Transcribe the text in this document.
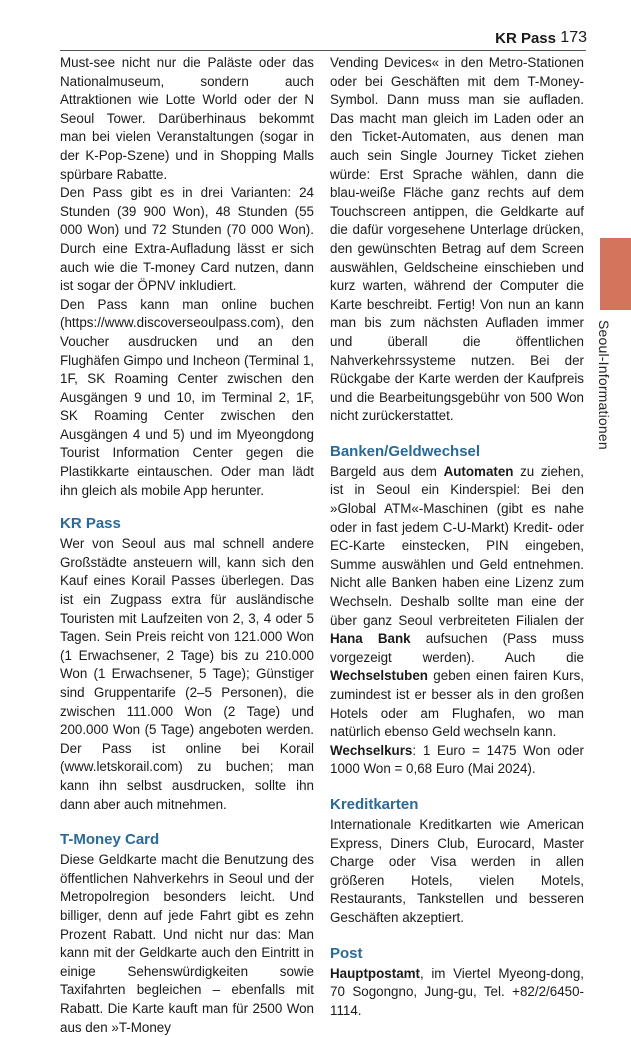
KR Pass 173
Seoul-Informationen

Must-see nicht nur die Paläste oder das Nationalmuseum, sondern auch Attraktionen wie Lotte World oder der N Seoul Tower. Darüberhinaus bekommt man bei vielen Veranstaltungen (sogar in der K-Pop-Szene) und in Shopping Malls spürbare Rabatte.

Den Pass gibt es in drei Varianten: 24 Stunden (39 900 Won), 48 Stunden (55 000 Won) und 72 Stunden (70 000 Won). Durch eine Extra-Aufladung lässt er sich auch wie die T-money Card nutzen, dann ist sogar der ÖPNV inkludiert.

Den Pass kann man online buchen (https://www.discoverseoulpass.com), den Voucher ausdrucken und an den Flughäfen Gimpo und Incheon (Terminal 1, 1F, SK Roaming Center zwischen den Ausgängen 9 und 10, im Terminal 2, 1F, SK Roaming Center zwischen den Ausgängen 4 und 5) und im Myeongdong Tourist Information Center gegen die Plastikkarte eintauschen. Oder man lädt ihn gleich als mobile App herunter.

KR Pass

Wer von Seoul aus mal schnell andere Großstädte ansteuern will, kann sich den Kauf eines Korail Passes überlegen. Das ist ein Zugpass extra für ausländische Touristen mit Laufzeiten von 2, 3, 4 oder 5 Tagen. Sein Preis reicht von 121.000 Won (1 Erwachsener, 2 Tage) bis zu 210.000 Won (1 Erwachsener, 5 Tage); Günstiger sind Gruppentarife (2–5 Personen), die zwischen 111.000 Won (2 Tage) und 200.000 Won (5 Tage) angeboten werden. Der Pass ist online bei Korail (www.letskorail.com) zu buchen; man kann ihn selbst ausdrucken, sollte ihn dann aber auch mitnehmen.

T-Money Card

Diese Geldkarte macht die Benutzung des öffentlichen Nahverkehrs in Seoul und der Metropolregion besonders leicht. Und billiger, denn auf jede Fahrt gibt es zehn Prozent Rabatt. Und nicht nur das: Man kann mit der Geldkarte auch den Eintritt in einige Sehenswürdigkeiten sowie Taxifahrten begleichen – ebenfalls mit Rabatt. Die Karte kauft man für 2500 Won aus den »T-Money

Vending Devices« in den Metro-Stationen oder bei Geschäften mit dem T-Money-Symbol. Dann muss man sie aufladen. Das macht man gleich im Laden oder an den Ticket-Automaten, aus denen man auch sein Single Journey Ticket ziehen würde: Erst Sprache wählen, dann die blau-weiße Fläche ganz rechts auf dem Touchscreen antippen, die Geldkarte auf die dafür vorgesehene Unterlage drücken, den gewünschten Betrag auf dem Screen auswählen, Geldscheine einschieben und kurz warten, während der Computer die Karte beschreibt. Fertig! Von nun an kann man bis zum nächsten Aufladen immer und überall die öffentlichen Nahverkehrssysteme nutzen. Bei der Rückgabe der Karte werden der Kaufpreis und die Bearbeitungsgebühr von 500 Won nicht zurückerstattet.

Banken/Geldwechsel

Bargeld aus dem Automaten zu ziehen, ist in Seoul ein Kinderspiel: Bei den »Global ATM«-Maschinen (gibt es nahe oder in fast jedem C-U-Markt) Kredit- oder EC-Karte einstecken, PIN eingeben, Summe auswählen und Geld entnehmen. Nicht alle Banken haben eine Lizenz zum Wechseln. Deshalb sollte man eine der über ganz Seoul verbreiteten Filialen der Hana Bank aufsuchen (Pass muss vorgezeigt werden). Auch die Wechselstuben geben einen fairen Kurs, zumindest ist er besser als in den großen Hotels oder am Flughafen, wo man natürlich ebenso Geld wechseln kann.

Wechselkurs: 1 Euro = 1475 Won oder 1000 Won = 0,68 Euro (Mai 2024).

Kreditkarten

Internationale Kreditkarten wie American Express, Diners Club, Eurocard, Master Charge oder Visa werden in allen größeren Hotels, vielen Motels, Restaurants, Tankstellen und besseren Geschäften akzeptiert.

Post

Hauptpostamt, im Viertel Myeong-dong, 70 Sogongno, Jung-gu, Tel. +82/2/6450-1114.
